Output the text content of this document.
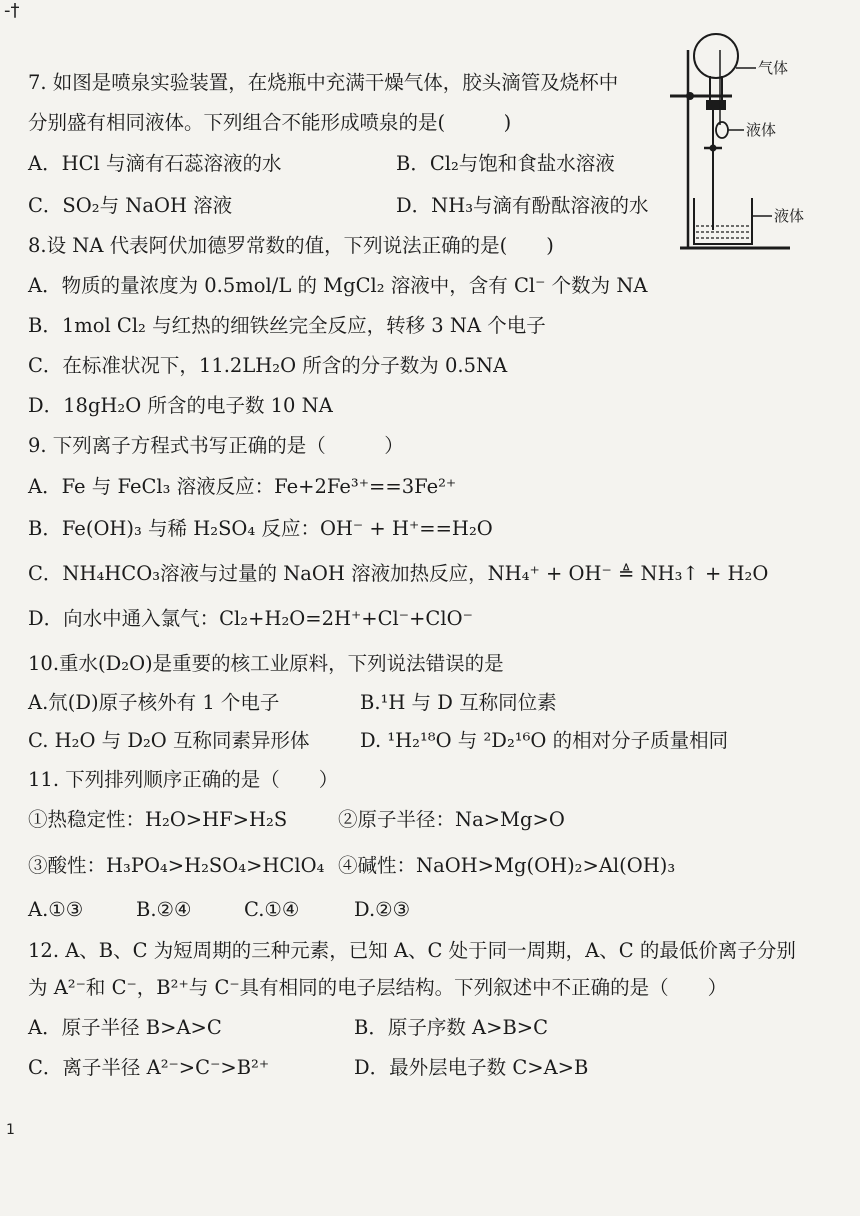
-†
1
7. 如图是喷泉实验装置，在烧瓶中充满干燥气体，胶头滴管及烧杯中
分别盛有相同液体。下列组合不能形成喷泉的是(　　　)
A．HCl 与滴有石蕊溶液的水	B．Cl₂与饱和食盐水溶液
C．SO₂与 NaOH 溶液	D．NH₃与滴有酚酞溶液的水
气体
液体
液体
8.设 NA 代表阿伏加德罗常数的值，下列说法正确的是(　　)
A．物质的量浓度为 0.5mol/L 的 MgCl₂ 溶液中，含有 Cl⁻ 个数为 NA
B．1mol Cl₂ 与红热的细铁丝完全反应，转移 3 NA 个电子
C．在标准状况下，11.2LH₂O 所含的分子数为 0.5NA
D．18gH₂O 所含的电子数 10 NA
9. 下列离子方程式书写正确的是（　　　）
A．Fe 与 FeCl₃ 溶液反应：Fe+2Fe³⁺==3Fe²⁺
B．Fe(OH)₃ 与稀 H₂SO₄ 反应：OH⁻ + H⁺==H₂O
C．NH₄HCO₃溶液与过量的 NaOH 溶液加热反应，NH₄⁺ + OH⁻ ≜ NH₃↑ + H₂O
D．向水中通入氯气：Cl₂+H₂O=2H⁺+Cl⁻+ClO⁻
10.重水(D₂O)是重要的核工业原料，下列说法错误的是
A.氘(D)原子核外有 1 个电子	B.¹H 与 D 互称同位素
C. H₂O 与 D₂O 互称同素异形体	D. ¹H₂¹⁸O 与 ²D₂¹⁶O 的相对分子质量相同
11. 下列排列顺序正确的是（　　）
①热稳定性：H₂O>HF>H₂S	②原子半径：Na>Mg>O
③酸性：H₃PO₄>H₂SO₄>HClO₄ ④碱性：NaOH>Mg(OH)₂>Al(OH)₃
A.①③	B.②④	C.①④	D.②③
12. A、B、C 为短周期的三种元素，已知 A、C 处于同一周期，A、C 的最低价离子分别
为 A²⁻和 C⁻，B²⁺与 C⁻具有相同的电子层结构。下列叙述中不正确的是（　　）
A．原子半径 B>A>C	B．原子序数 A>B>C
C．离子半径 A²⁻>C⁻>B²⁺	D．最外层电子数 C>A>B
